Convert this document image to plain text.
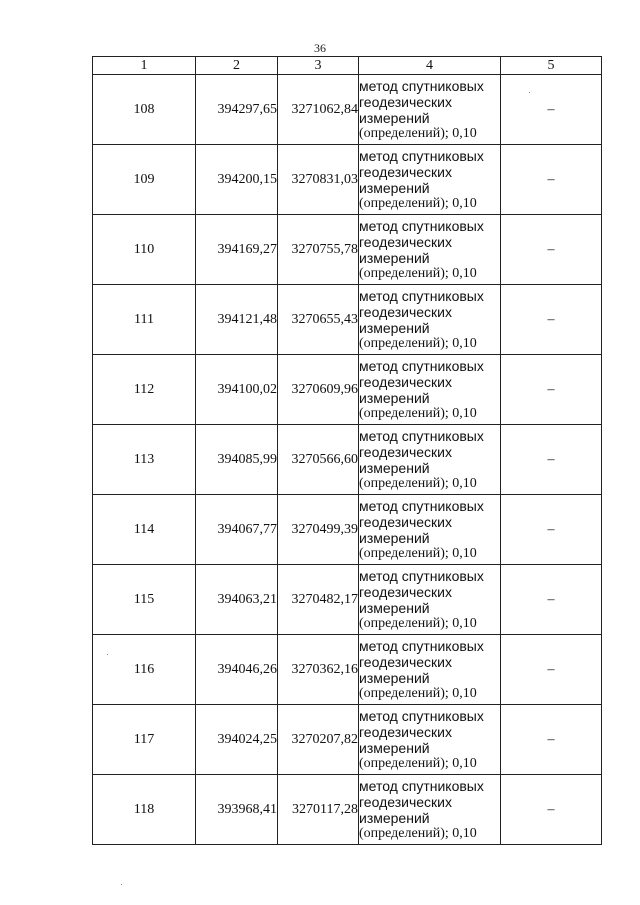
36
1	2	3	4	5
108	394297,65	3271062,84	метод спутниковых
геодезических
измерений
(определений); 0,10	–
109	394200,15	3270831,03	метод спутниковых
геодезических
измерений
(определений); 0,10	–
110	394169,27	3270755,78	метод спутниковых
геодезических
измерений
(определений); 0,10	–
111	394121,48	3270655,43	метод спутниковых
геодезических
измерений
(определений); 0,10	–
112	394100,02	3270609,96	метод спутниковых
геодезических
измерений
(определений); 0,10	–
113	394085,99	3270566,60	метод спутниковых
геодезических
измерений
(определений); 0,10	–
114	394067,77	3270499,39	метод спутниковых
геодезических
измерений
(определений); 0,10	–
115	394063,21	3270482,17	метод спутниковых
геодезических
измерений
(определений); 0,10	–
116	394046,26	3270362,16	метод спутниковых
геодезических
измерений
(определений); 0,10	–
117	394024,25	3270207,82	метод спутниковых
геодезических
измерений
(определений); 0,10	–
118	393968,41	3270117,28	метод спутниковых
геодезических
измерений
(определений); 0,10	–
